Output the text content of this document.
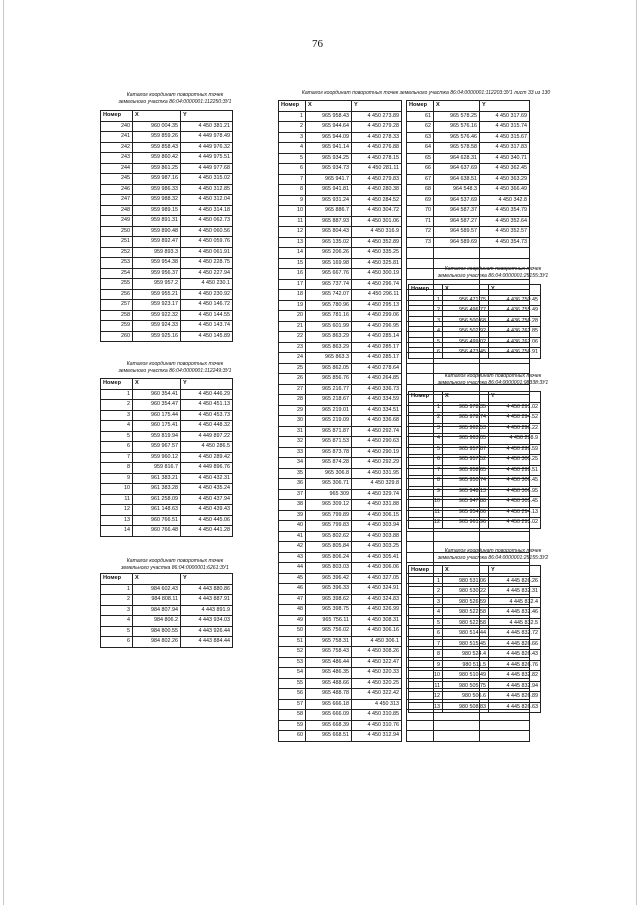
76
Каталог координат поворотных точек
земельного участка 86:04:0000001:112250:ЗУ1
Номер	X	Y
240	960 004.35	4 450 381.21
241	959 859.26	4 449 978.49
242	959 858.43	4 449 976.32
243	959 860.42	4 449 975.51
244	959 861.25	4 449 977.68
245	959 987.16	4 450 315.02
246	959 986.33	4 450 312.85
247	959 988.32	4 450 312.04
248	959 989.15	4 450 314.18
249	959 891.31	4 450 062.73
250	959 890.48	4 450 060.56
251	959 892.47	4 450 059.76
252	959 893.3	4 450 061.91
253	959 954.38	4 450 228.75
254	959 956.37	4 450 227.94
255	959 957.2	4 450 230.1
256	959 955.21	4 450 230.92
257	959 923.17	4 450 146.72
258	959 922.32	4 450 144.55
259	959 924.33	4 450 143.74
260	959 925.16	4 450 145.89
Каталог координат поворотных точек
земельного участка 86:04:0000001:112249:ЗУ1
Номер	X	Y
1	960 354.41	4 450 446.29
2	960 354.47	4 450 451.13
3	960 175.44	4 450 453.73
4	960 175.41	4 450 448.32
5	959 819.94	4 449 897.22
6	959 967.57	4 450 286.5
7	959 960.12	4 450 289.42
8	959 816.7	4 449 896.76
9	961 383.21	4 450 432.31
10	961 383.28	4 450 435.24
11	961 258.09	4 450 437.94
12	961 148.63	4 450 439.43
13	960 766.51	4 450 445.06
14	960 766.48	4 450 441.28
Каталог координат поворотных точек
земельного участка 86:04:0000001:6261:ЗУ1
Номер	X	Y
1	984 602.43	4 443 880.86
2	984 808.11	4 443 887.91
3	984 807.94	4 443 891.9
4	984 806.2	4 443 934.03
5	984 800.55	4 443 926.44
6	984 802.26	4 443 884.44
Каталог координат поворотных точек земельного участка 86:04:0000001:112203:ЗУ1 лист 33 из 130
Номер	X	Y		Номер	X	Y
1	965 958.43	4 450 273.89		61	965 578.25	4 450 317.69
2	965 944.64	4 450 279.28		62	965 576.16	4 450 315.74
3	965 944.09	4 450 278.33		63	965 576.46	4 450 315.67
4	965 941.14	4 450 276.88		64	965 578.58	4 450 317.83
5	965 934.25	4 450 278.15		65	964 628.31	4 450 340.71
6	965 934.73	4 450 281.11		66	964 637.69	4 450 362.45
7	965 941.7	4 450 279.83		67	964 638.51	4 450 363.29
8	965 941.81	4 450 280.38		68	964 548.3	4 450 366.49
9	965 931.24	4 450 284.52		69	964 537.69	4 450 342.8
10	965 886.7	4 450 304.72		70	964 587.37	4 450 354.79
11	965 887.93	4 450 301.06		71	964 587.27	4 450 352.64
12	965 804.43	4 450 316.9		72	964 589.57	4 450 352.57
13	965 135.02	4 450 352.89		73	964 589.69	4 450 354.73
14	965 206.26	4 450 335.25				
15	965 169.98	4 450 325.81				
16	965 667.76	4 450 300.19				
17	965 737.74	4 450 296.74				
18	965 742.07	4 450 296.11				
19	965 780.96	4 450 295.13				
20	965 781.16	4 450 299.06				
21	965 601.99	4 450 296.95				
22	965 863.29	4 450 285.14				
23	965 863.29	4 450 285.17				
24	965 863.3	4 450 285.17				
25	965 862.05	4 450 278.64				
26	965 856.76	4 450 264.85				
27	965 216.77	4 450 336.73				
28	965 218.67	4 450 334.59				
29	965 219.01	4 450 334.51				
30	965 219.09	4 450 336.68				
31	965 871.87	4 450 292.74				
32	965 871.53	4 450 290.63				
33	965 873.78	4 450 290.19				
34	965 874.28	4 450 292.29				
35	965 306.8	4 450 331.95				
36	965 306.71	4 450 329.8				
37	965 309	4 450 329.74				
38	965 309.12	4 450 331.88				
39	965 799.89	4 450 306.15				
40	965 799.83	4 450 303.94				
41	965 802.62	4 450 303.88				
42	965 805.84	4 450 303.25				
43	965 806.24	4 450 305.41				
44	965 803.03	4 450 306.06				
45	965 396.42	4 450 327.05				
46	965 396.33	4 450 324.91				
47	965 398.62	4 450 324.83				
48	965 398.75	4 450 326.99				
49	965 756.11	4 450 308.31				
50	965 756.02	4 450 306.16				
51	965 758.31	4 450 306.1				
52	965 758.43	4 450 308.26				
53	965 486.44	4 450 322.47				
54	965 486.35	4 450 320.33				
55	965 488.66	4 450 320.25				
56	965 488.78	4 450 322.42				
57	965 666.18	4 450 313				
58	965 666.09	4 450 310.85				
59	965 668.39	4 450 310.76				
60	965 668.51	4 450 312.94				
Каталог координат поворотных точек
земельного участка 86:04:0000001:25155:ЗУ1
Номер	X	Y
1	956 471.75	4 436 750.45
2	956 496.77	4 436 755.49
3	956 500.68	4 436 756.28
4	956 502.92	4 436 762.85
5	956 499.02	4 436 762.06
6	956 473.45	4 436 756.91
Каталог координат поворотных точек
земельного участка 86:04:0000001:98338:ЗУ1
Номер	X	Y
1	965 978.35	4 450 291.02
2	965 978.74	4 450 294.52
3	965 962.53	4 450 296.22
4	965 963.05	4 450 298.9
5	965 957.87	4 450 299.59
6	965 957.52	4 450 300.25
7	965 958.65	4 450 299.51
8	965 950.74	4 450 306.45
9	965 948.13	4 450 306.95
10	965 947.88	4 450 305.45
11	965 954.06	4 450 294.13
12	965 961.96	4 450 293.02
Каталог координат поворотных точек
земельного участка 86:04:0000001:25155:ЗУ2
Номер	X	Y
1	980 531.06	4 445 826.26
2	980 530.22	4 445 832.31
3	980 526.59	4 445 832.4
4	980 522.58	4 445 832.46
5	980 522.58	4 445 832.5
6	980 514.44	4 445 832.72
7	980 515.45	4 445 826.66
8	980 524.4	4 445 826.43
9	980 511.5	4 445 826.76
10	980 510.49	4 445 832.82
11	980 505.75	4 445 832.94
12	980 506.6	4 445 826.89
13	980 508.83	4 445 826.63
